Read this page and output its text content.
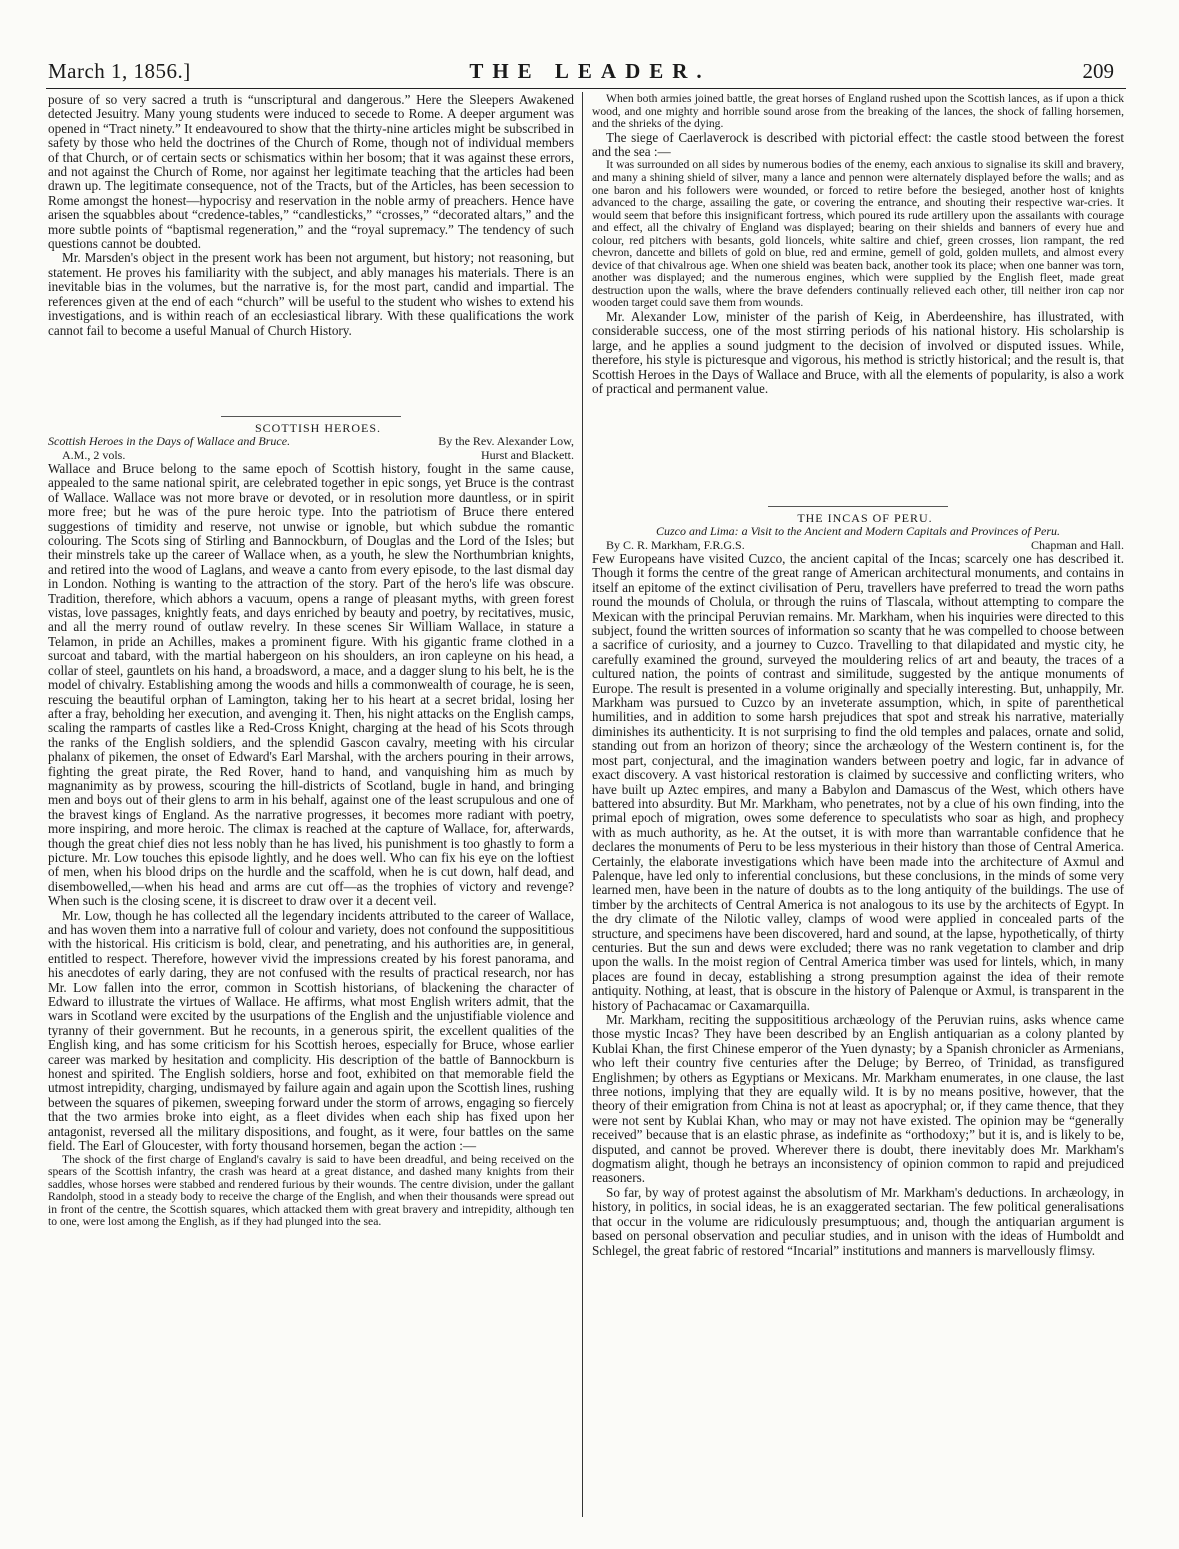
March 1, 1856.]	THE LEADER.	209

posure of so very sacred a truth is “unscriptural and dangerous.” Here the Sleepers Awakened detected Jesuitry. Many young students were induced to secede to Rome. A deeper argument was opened in “Tract ninety.” It endeavoured to show that the thirty-nine articles might be subscribed in safety by those who held the doctrines of the Church of Rome, though not of individual members of that Church, or of certain sects or schismatics within her bosom; that it was against these errors, and not against the Church of Rome, nor against her legitimate teaching that the articles had been drawn up. The legitimate consequence, not of the Tracts, but of the Articles, has been secession to Rome amongst the honest—hypocrisy and reservation in the noble army of preachers. Hence have arisen the squabbles about “credence-tables,” “candlesticks,” “crosses,” “decorated altars,” and the more subtle points of “baptismal regeneration,” and the “royal supremacy.” The tendency of such questions cannot be doubted.

Mr. Marsden's object in the present work has been not argument, but history; not reasoning, but statement. He proves his familiarity with the subject, and ably manages his materials. There is an inevitable bias in the volumes, but the narrative is, for the most part, candid and impartial. The references given at the end of each “church” will be useful to the student who wishes to extend his investigations, and is within reach of an ecclesiastical library. With these qualifications the work cannot fail to become a useful Manual of Church History.

SCOTTISH HEROES.

Scottish Heroes in the Days of Wallace and Bruce.	By the Rev. Alexander Low,
A.M., 2 vols.	Hurst and Blackett.

Wallace and Bruce belong to the same epoch of Scottish history, fought in the same cause, appealed to the same national spirit, are celebrated together in epic songs, yet Bruce is the contrast of Wallace. Wallace was not more brave or devoted, or in resolution more dauntless, or in spirit more free; but he was of the pure heroic type. Into the patriotism of Bruce there entered suggestions of timidity and reserve, not unwise or ignoble, but which subdue the romantic colouring. The Scots sing of Stirling and Bannockburn, of Douglas and the Lord of the Isles; but their minstrels take up the career of Wallace when, as a youth, he slew the Northumbrian knights, and retired into the wood of Laglans, and weave a canto from every episode, to the last dismal day in London. Nothing is wanting to the attraction of the story. Part of the hero's life was obscure. Tradition, therefore, which abhors a vacuum, opens a range of pleasant myths, with green forest vistas, love passages, knightly feats, and days enriched by beauty and poetry, by recitatives, music, and all the merry round of outlaw revelry. In these scenes Sir William Wallace, in stature a Telamon, in pride an Achilles, makes a prominent figure. With his gigantic frame clothed in a surcoat and tabard, with the martial habergeon on his shoulders, an iron capleyne on his head, a collar of steel, gauntlets on his hand, a broadsword, a mace, and a dagger slung to his belt, he is the model of chivalry. Establishing among the woods and hills a commonwealth of courage, he is seen, rescuing the beautiful orphan of Lamington, taking her to his heart at a secret bridal, losing her after a fray, beholding her execution, and avenging it. Then, his night attacks on the English camps, scaling the ramparts of castles like a Red-Cross Knight, charging at the head of his Scots through the ranks of the English soldiers, and the splendid Gascon cavalry, meeting with his circular phalanx of pikemen, the onset of Edward's Earl Marshal, with the archers pouring in their arrows, fighting the great pirate, the Red Rover, hand to hand, and vanquishing him as much by magnanimity as by prowess, scouring the hill-districts of Scotland, bugle in hand, and bringing men and boys out of their glens to arm in his behalf, against one of the least scrupulous and one of the bravest kings of England. As the narrative progresses, it becomes more radiant with poetry, more inspiring, and more heroic. The climax is reached at the capture of Wallace, for, afterwards, though the great chief dies not less nobly than he has lived, his punishment is too ghastly to form a picture. Mr. Low touches this episode lightly, and he does well. Who can fix his eye on the loftiest of men, when his blood drips on the hurdle and the scaffold, when he is cut down, half dead, and disembowelled,—when his head and arms are cut off—as the trophies of victory and revenge? When such is the closing scene, it is discreet to draw over it a decent veil.

Mr. Low, though he has collected all the legendary incidents attributed to the career of Wallace, and has woven them into a narrative full of colour and variety, does not confound the supposititious with the historical. His criticism is bold, clear, and penetrating, and his authorities are, in general, entitled to respect. Therefore, however vivid the impressions created by his forest panorama, and his anecdotes of early daring, they are not confused with the results of practical research, nor has Mr. Low fallen into the error, common in Scottish historians, of blackening the character of Edward to illustrate the virtues of Wallace. He affirms, what most English writers admit, that the wars in Scotland were excited by the usurpations of the English and the unjustifiable violence and tyranny of their government. But he recounts, in a generous spirit, the excellent qualities of the English king, and has some criticism for his Scottish heroes, especially for Bruce, whose earlier career was marked by hesitation and complicity. His description of the battle of Bannockburn is honest and spirited. The English soldiers, horse and foot, exhibited on that memorable field the utmost intrepidity, charging, undismayed by failure again and again upon the Scottish lines, rushing between the squares of pikemen, sweeping forward under the storm of arrows, engaging so fiercely that the two armies broke into eight, as a fleet divides when each ship has fixed upon her antagonist, reversed all the military dispositions, and fought, as it were, four battles on the same field. The Earl of Gloucester, with forty thousand horsemen, began the action :—

The shock of the first charge of England's cavalry is said to have been dreadful, and being received on the spears of the Scottish infantry, the crash was heard at a great distance, and dashed many knights from their saddles, whose horses were stabbed and rendered furious by their wounds. The centre division, under the gallant Randolph, stood in a steady body to receive the charge of the English, and when their thousands were spread out in front of the centre, the Scottish squares, which attacked them with great bravery and intrepidity, although ten to one, were lost among the English, as if they had plunged into the sea.

When both armies joined battle, the great horses of England rushed upon the Scottish lances, as if upon a thick wood, and one mighty and horrible sound arose from the breaking of the lances, the shock of falling horsemen, and the shrieks of the dying.

The siege of Caerlaverock is described with pictorial effect: the castle stood between the forest and the sea :—

It was surrounded on all sides by numerous bodies of the enemy, each anxious to signalise its skill and bravery, and many a shining shield of silver, many a lance and pennon were alternately displayed before the walls; and as one baron and his followers were wounded, or forced to retire before the besieged, another host of knights advanced to the charge, assailing the gate, or covering the entrance, and shouting their respective war-cries. It would seem that before this insignificant fortress, which poured its rude artillery upon the assailants with courage and effect, all the chivalry of England was displayed; bearing on their shields and banners of every hue and colour, red pitchers with besants, gold lioncels, white saltire and chief, green crosses, lion rampant, the red chevron, dancette and billets of gold on blue, red and ermine, gemell of gold, golden mullets, and almost every device of that chivalrous age. When one shield was beaten back, another took its place; when one banner was torn, another was displayed; and the numerous engines, which were supplied by the English fleet, made great destruction upon the walls, where the brave defenders continually relieved each other, till neither iron cap nor wooden target could save them from wounds.

Mr. Alexander Low, minister of the parish of Keig, in Aberdeenshire, has illustrated, with considerable success, one of the most stirring periods of his national history. His scholarship is large, and he applies a sound judgment to the decision of involved or disputed issues. While, therefore, his style is picturesque and vigorous, his method is strictly historical; and the result is, that Scottish Heroes in the Days of Wallace and Bruce, with all the elements of popularity, is also a work of practical and permanent value.

THE INCAS OF PERU.

Cuzco and Lima: a Visit to the Ancient and Modern Capitals and Provinces of Peru.
By C. R. Markham, F.R.G.S.	Chapman and Hall.

Few Europeans have visited Cuzco, the ancient capital of the Incas; scarcely one has described it. Though it forms the centre of the great range of American architectural monuments, and contains in itself an epitome of the extinct civilisation of Peru, travellers have preferred to tread the worn paths round the mounds of Cholula, or through the ruins of Tlascala, without attempting to compare the Mexican with the principal Peruvian remains. Mr. Markham, when his inquiries were directed to this subject, found the written sources of information so scanty that he was compelled to choose between a sacrifice of curiosity, and a journey to Cuzco. Travelling to that dilapidated and mystic city, he carefully examined the ground, surveyed the mouldering relics of art and beauty, the traces of a cultured nation, the points of contrast and similitude, suggested by the antique monuments of Europe. The result is presented in a volume originally and specially interesting. But, unhappily, Mr. Markham was pursued to Cuzco by an inveterate assumption, which, in spite of parenthetical humilities, and in addition to some harsh prejudices that spot and streak his narrative, materially diminishes its authenticity. It is not surprising to find the old temples and palaces, ornate and solid, standing out from an horizon of theory; since the archæology of the Western continent is, for the most part, conjectural, and the imagination wanders between poetry and logic, far in advance of exact discovery. A vast historical restoration is claimed by successive and conflicting writers, who have built up Aztec empires, and many a Babylon and Damascus of the West, which others have battered into absurdity. But Mr. Markham, who penetrates, not by a clue of his own finding, into the primal epoch of migration, owes some deference to speculatists who soar as high, and prophecy with as much authority, as he. At the outset, it is with more than warrantable confidence that he declares the monuments of Peru to be less mysterious in their history than those of Central America. Certainly, the elaborate investigations which have been made into the architecture of Axmul and Palenque, have led only to inferential conclusions, but these conclusions, in the minds of some very learned men, have been in the nature of doubts as to the long antiquity of the buildings. The use of timber by the architects of Central America is not analogous to its use by the architects of Egypt. In the dry climate of the Nilotic valley, clamps of wood were applied in concealed parts of the structure, and specimens have been discovered, hard and sound, at the lapse, hypothetically, of thirty centuries. But the sun and dews were excluded; there was no rank vegetation to clamber and drip upon the walls. In the moist region of Central America timber was used for lintels, which, in many places are found in decay, establishing a strong presumption against the idea of their remote antiquity. Nothing, at least, that is obscure in the history of Palenque or Axmul, is transparent in the history of Pachacamac or Caxamarquilla.

Mr. Markham, reciting the supposititious archæology of the Peruvian ruins, asks whence came those mystic Incas? They have been described by an English antiquarian as a colony planted by Kublai Khan, the first Chinese emperor of the Yuen dynasty; by a Spanish chronicler as Armenians, who left their country five centuries after the Deluge; by Berreo, of Trinidad, as transfigured Englishmen; by others as Egyptians or Mexicans. Mr. Markham enumerates, in one clause, the last three notions, implying that they are equally wild. It is by no means positive, however, that the theory of their emigration from China is not at least as apocryphal; or, if they came thence, that they were not sent by Kublai Khan, who may or may not have existed. The opinion may be “generally received” because that is an elastic phrase, as indefinite as “orthodoxy;” but it is, and is likely to be, disputed, and cannot be proved. Wherever there is doubt, there inevitably does Mr. Markham's dogmatism alight, though he betrays an inconsistency of opinion common to rapid and prejudiced reasoners.

So far, by way of protest against the absolutism of Mr. Markham's deductions. In archæology, in history, in politics, in social ideas, he is an exaggerated sectarian. The few political generalisations that occur in the volume are ridiculously presumptuous; and, though the antiquarian argument is based on personal observation and peculiar studies, and in unison with the ideas of Humboldt and Schlegel, the great fabric of restored “Incarial” institutions and manners is marvellously flimsy.
